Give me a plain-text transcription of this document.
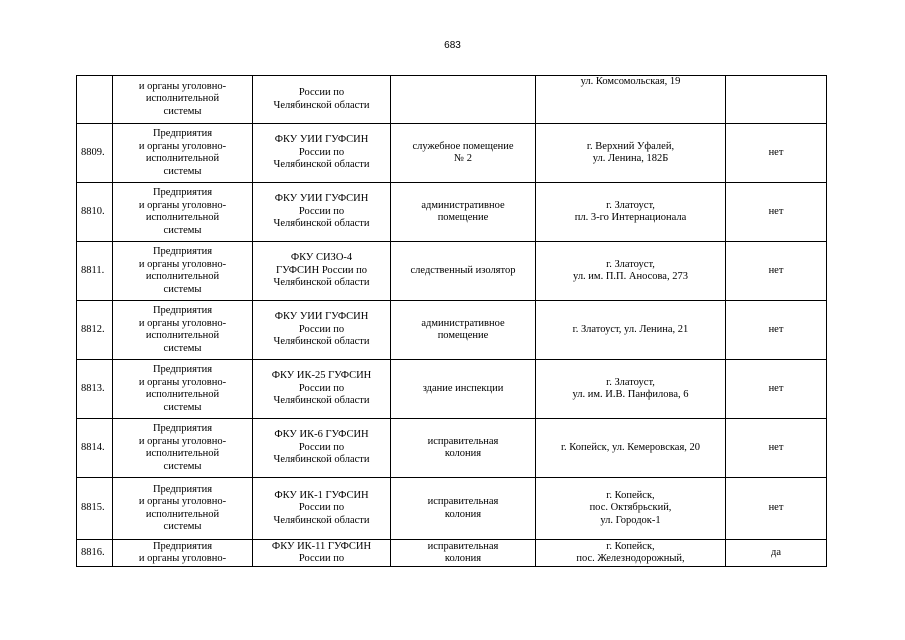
683
	и органы уголовно-
исполнительной
системы	России по
Челябинской области		ул. Комсомольская, 19	
8809.	Предприятия
и органы уголовно-
исполнительной
системы	ФКУ УИИ ГУФСИН
России по
Челябинской области	служебное помещение
№ 2	г. Верхний Уфалей,
ул. Ленина, 182Б	нет
8810.	Предприятия
и органы уголовно-
исполнительной
системы	ФКУ УИИ ГУФСИН
России по
Челябинской области	административное
помещение	г. Златоуст,
пл. 3-го Интернационала	нет
8811.	Предприятия
и органы уголовно-
исполнительной
системы	ФКУ СИЗО-4
ГУФСИН России по
Челябинской области	следственный изолятор	г. Златоуст,
ул. им. П.П. Аносова, 273	нет
8812.	Предприятия
и органы уголовно-
исполнительной
системы	ФКУ УИИ ГУФСИН
России по
Челябинской области	административное
помещение	г. Златоуст, ул. Ленина, 21	нет
8813.	Предприятия
и органы уголовно-
исполнительной
системы	ФКУ ИК-25 ГУФСИН
России по
Челябинской области	здание инспекции	г. Златоуст,
ул. им. И.В. Панфилова, 6	нет
8814.	Предприятия
и органы уголовно-
исполнительной
системы	ФКУ ИК-6 ГУФСИН
России по
Челябинской области	исправительная
колония	г. Копейск, ул. Кемеровская, 20	нет
8815.	Предприятия
и органы уголовно-
исполнительной
системы	ФКУ ИК-1 ГУФСИН
России по
Челябинской области	исправительная
колония	г. Копейск,
пос. Октябрьский,
ул. Городок-1	нет
8816.	Предприятия
и органы уголовно-	ФКУ ИК-11 ГУФСИН
России по	исправительная
колония	г. Копейск,
пос. Железнодорожный,	да
